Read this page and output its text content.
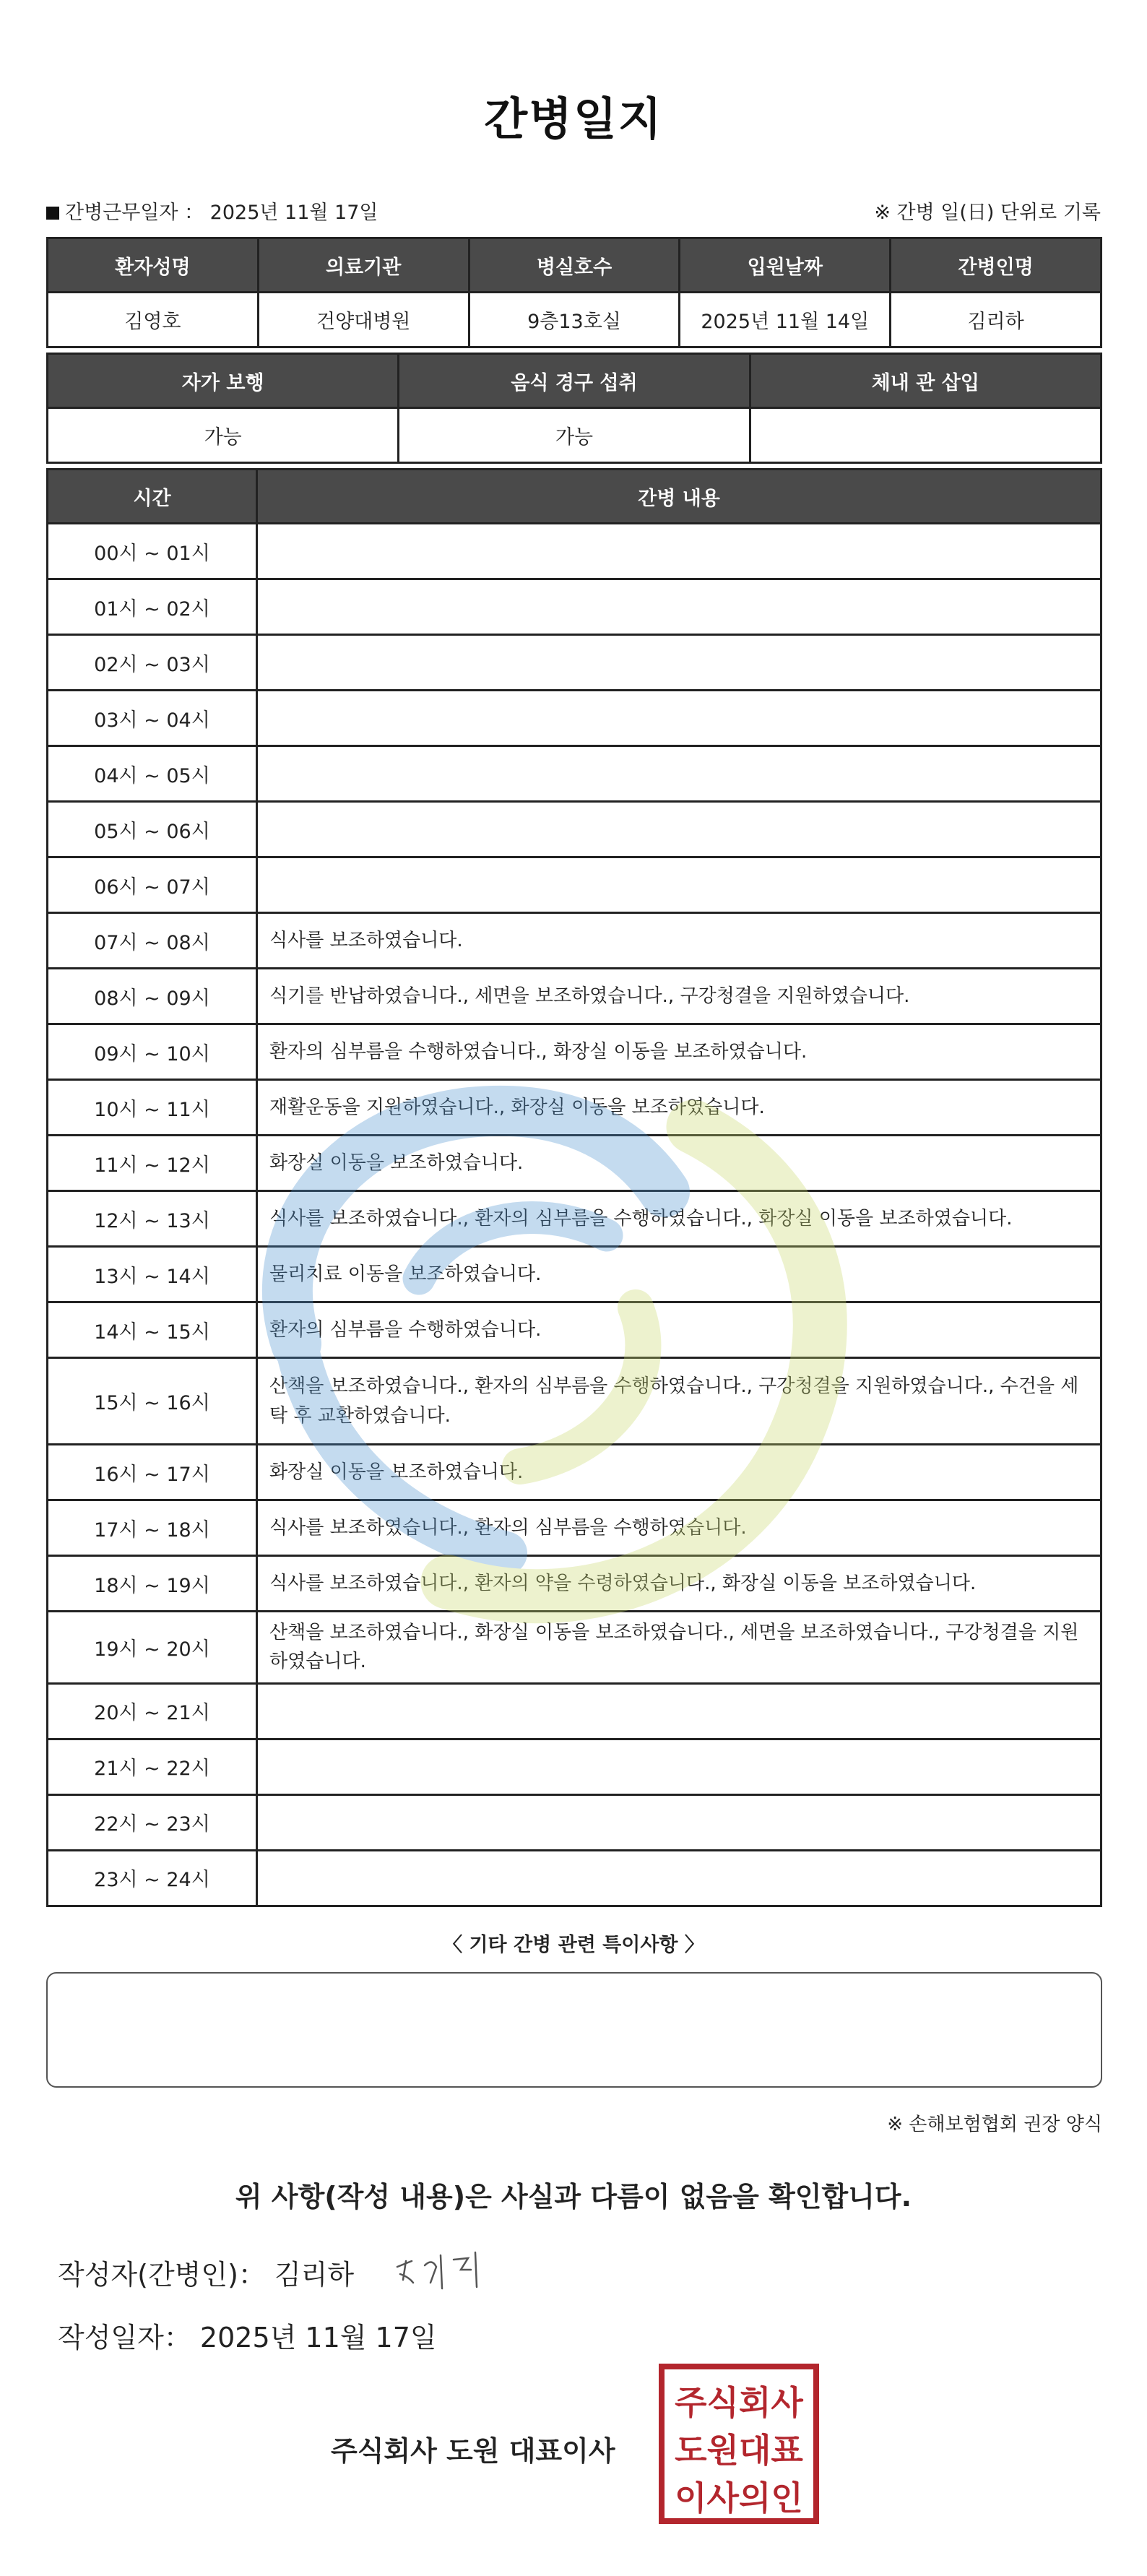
간병일지
간병근무일자 ： 2025년 11월 17일	※ 간병 일(日) 단위로 기록
환자성명	의료기관	병실호수	입원날짜	간병인명
김영호	건양대병원	9층13호실	2025년 11월 14일	김리하
자가 보행	음식 경구 섭취	체내 관 삽입
가능	가능	
시간	간병 내용
00시 ~ 01시	
01시 ~ 02시	
02시 ~ 03시	
03시 ~ 04시	
04시 ~ 05시	
05시 ~ 06시	
06시 ~ 07시	
07시 ~ 08시	식사를 보조하였습니다.
08시 ~ 09시	식기를 반납하였습니다., 세면을 보조하였습니다., 구강청결을 지원하였습니다.
09시 ~ 10시	환자의 심부름을 수행하였습니다., 화장실 이동을 보조하였습니다.
10시 ~ 11시	재활운동을 지원하였습니다., 화장실 이동을 보조하였습니다.
11시 ~ 12시	화장실 이동을 보조하였습니다.
12시 ~ 13시	식사를 보조하였습니다., 환자의 심부름을 수행하였습니다., 화장실 이동을 보조하였습니다.
13시 ~ 14시	물리치료 이동을 보조하였습니다.
14시 ~ 15시	환자의 심부름을 수행하였습니다.
15시 ~ 16시	산책을 보조하였습니다., 환자의 심부름을 수행하였습니다., 구강청결을 지원하였습니다., 수건을 세탁 후 교환하였습니다.
16시 ~ 17시	화장실 이동을 보조하였습니다.
17시 ~ 18시	식사를 보조하였습니다., 환자의 심부름을 수행하였습니다.
18시 ~ 19시	식사를 보조하였습니다., 환자의 약을 수령하였습니다., 화장실 이동을 보조하였습니다.
19시 ~ 20시	산책을 보조하였습니다., 화장실 이동을 보조하였습니다., 세면을 보조하였습니다., 구강청결을 지원하였습니다.
20시 ~ 21시	
21시 ~ 22시	
22시 ~ 23시	
23시 ~ 24시	
〈 기타 간병 관련 특이사항 〉
※ 손해보험협회 권장 양식
위 사항(작성 내용)은 사실과 다름이 없음을 확인합니다.
작성자(간병인)： 김리하
작성일자： 2025년 11월 17일
주식회사 도원 대표이사
주식회사
도원대표
이사의인
